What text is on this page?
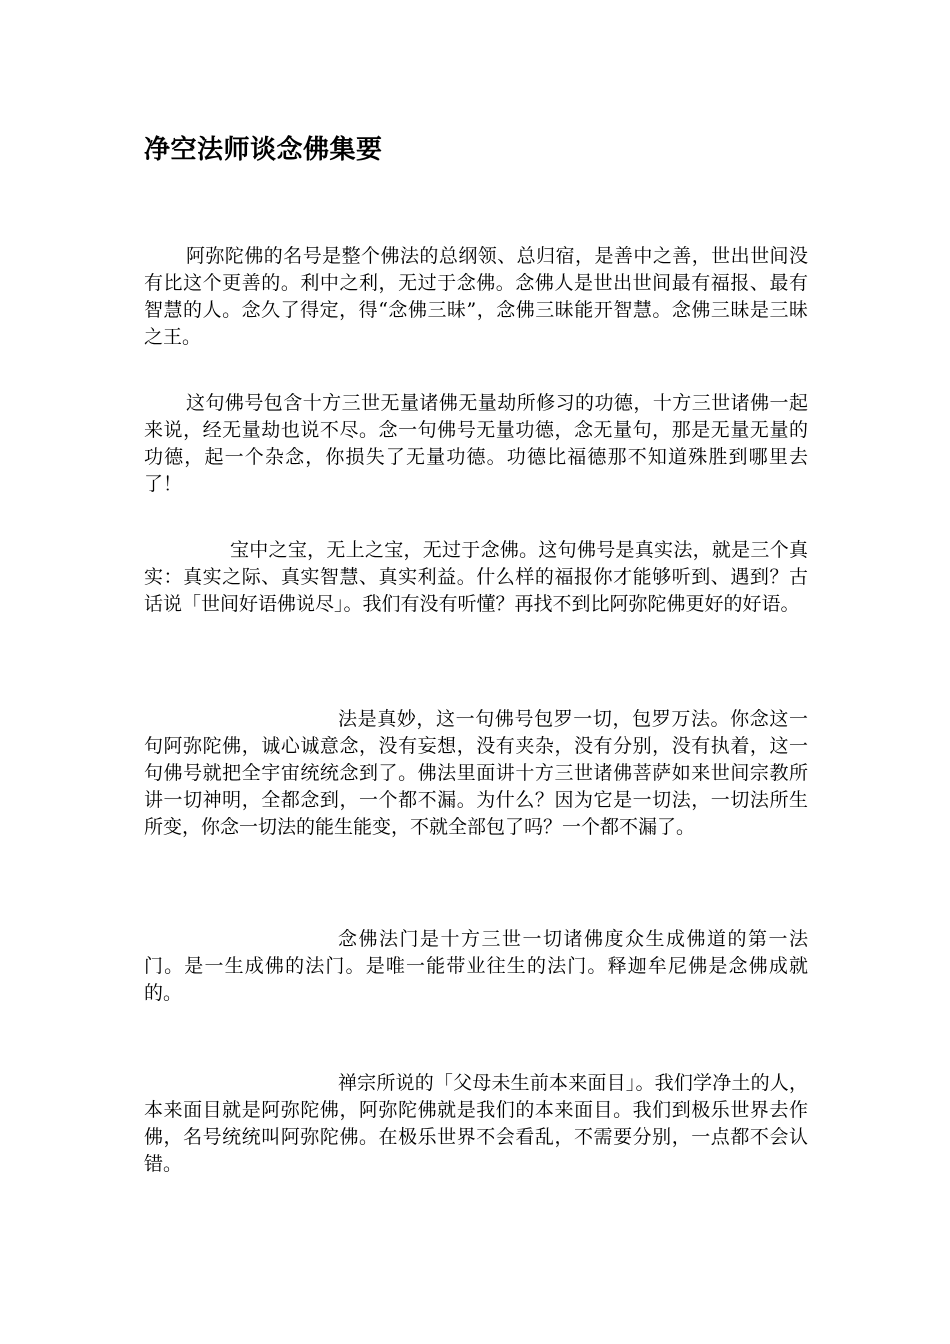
净空法师谈念佛集要

阿弥陀佛的名号是整个佛法的总纲领、总归宿，是善中之善，世出世间没有比这个更善的。利中之利，无过于念佛。念佛人是世出世间最有福报、最有智慧的人。念久了得定，得“念佛三昧”，念佛三昧能开智慧。念佛三昧是三昧之王。

这句佛号包含十方三世无量诸佛无量劫所修习的功德，十方三世诸佛一起来说，经无量劫也说不尽。念一句佛号无量功德，念无量句，那是无量无量的功德，起一个杂念，你损失了无量功德。功德比福德那不知道殊胜到哪里去了！

宝中之宝，无上之宝，无过于念佛。这句佛号是真实法，就是三个真实：真实之际、真实智慧、真实利益。什么样的福报你才能够听到、遇到？古话说「世间好语佛说尽」。我们有没有听懂？再找不到比阿弥陀佛更好的好语。

法是真妙，这一句佛号包罗一切，包罗万法。你念这一句阿弥陀佛，诚心诚意念，没有妄想，没有夹杂，没有分别，没有执着，这一句佛号就把全宇宙统统念到了。佛法里面讲十方三世诸佛菩萨如来世间宗教所讲一切神明，全都念到，一个都不漏。为什么？因为它是一切法，一切法所生所变，你念一切法的能生能变，不就全部包了吗？一个都不漏了。

念佛法门是十方三世一切诸佛度众生成佛道的第一法门。是一生成佛的法门。是唯一能带业往生的法门。释迦牟尼佛是念佛成就的。

禅宗所说的「父母未生前本来面目」。我们学净土的人，本来面目就是阿弥陀佛，阿弥陀佛就是我们的本来面目。我们到极乐世界去作佛，名号统统叫阿弥陀佛。在极乐世界不会看乱，不需要分别，一点都不会认错。
